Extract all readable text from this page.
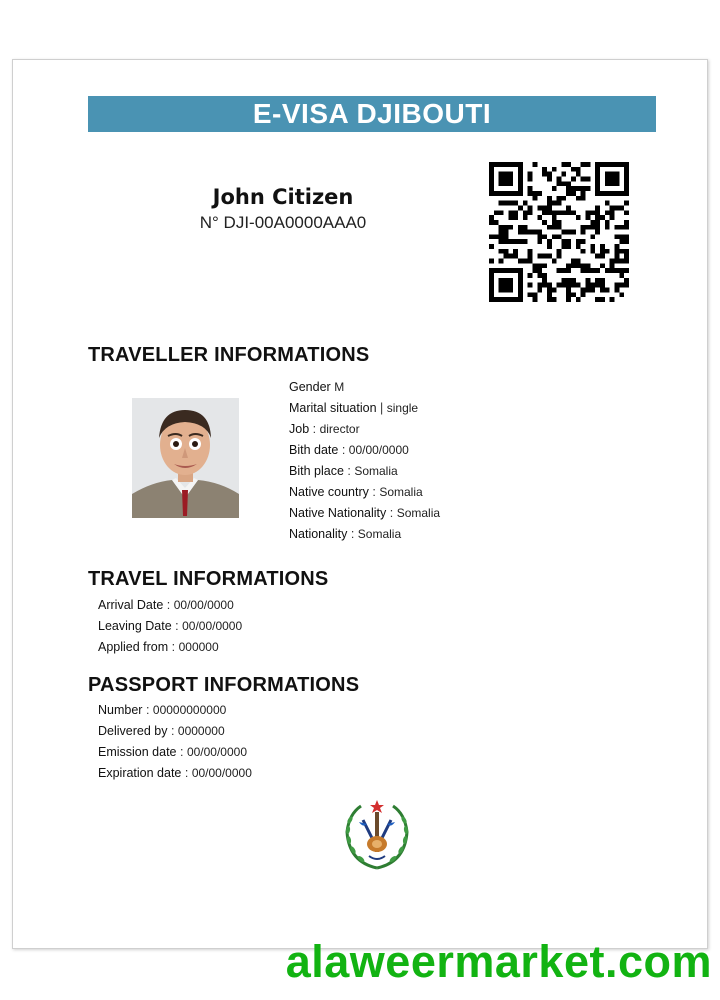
E-VISA DJIBOUTI
John Citizen
N° DJI-00A0000AAA0
TRAVELLER INFORMATIONS
Gender M
Marital situation | single
Job : director
Bith date : 00/00/0000
Bith place : Somalia
Native country : Somalia
Native Nationality : Somalia
Nationality : Somalia
TRAVEL INFORMATIONS
Arrival Date : 00/00/0000
Leaving Date : 00/00/0000
Applied from : 000000
PASSPORT INFORMATIONS
Number : 00000000000
Delivered by : 0000000
Emission date : 00/00/0000
Expiration date : 00/00/0000
alaweermarket.com
